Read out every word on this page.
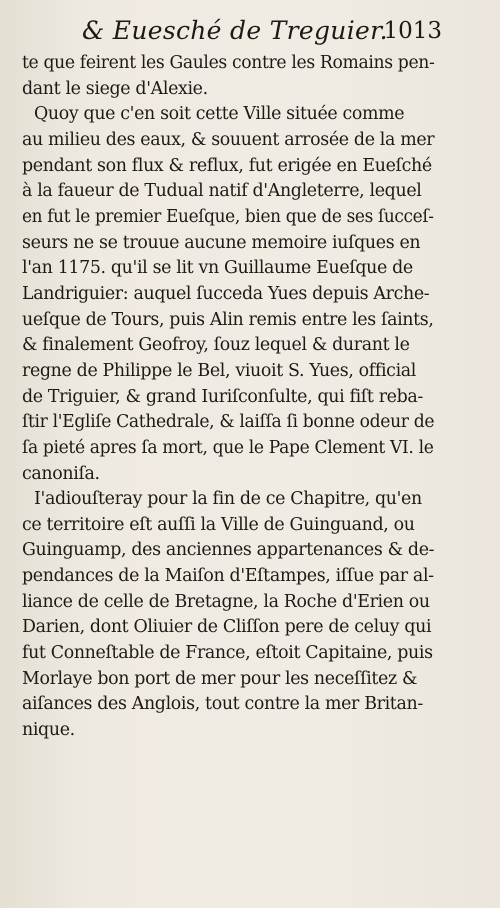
& Euesché de Treguier.
1013
te que feirent les Gaules contre les Romains pen-
dant le siege d'Alexie.
Quoy que c'en soit cette Ville située comme
au milieu des eaux, & souuent arrosée de la mer
pendant son flux & reflux, fut erigée en Eueſché
à la faueur de Tudual natif d'Angleterre, lequel
en fut le premier Eueſque, bien que de ses ſucceſ-
seurs ne se trouue aucune memoire iuſques en
l'an 1175. qu'il se lit vn Guillaume Eueſque de
Landriguier: auquel ſucceda Yues depuis Arche-
ueſque de Tours, puis Alin remis entre les ſaints,
& finalement Geofroy, ſouz lequel & durant le
regne de Philippe le Bel, viuoit S. Yues, official
de Triguier, & grand Iuriſconſulte, qui fiſt reba-
ſtir l'Egliſe Cathedrale, & laiſſa ſi bonne odeur de
ſa pieté apres ſa mort, que le Pape Clement VI. le
canoniſa.
I'adiouſteray pour la fin de ce Chapitre, qu'en
ce territoire eſt auſſi la Ville de Guinguand, ou
Guinguamp, des anciennes appartenances & de-
pendances de la Maiſon d'Eſtampes, iſſue par al-
liance de celle de Bretagne, la Roche d'Erien ou
Darien, dont Oliuier de Cliſſon pere de celuy qui
fut Conneſtable de France, eſtoit Capitaine, puis
Morlaye bon port de mer pour les neceſſitez &
aiſances des Anglois, tout contre la mer Britan-
nique.
